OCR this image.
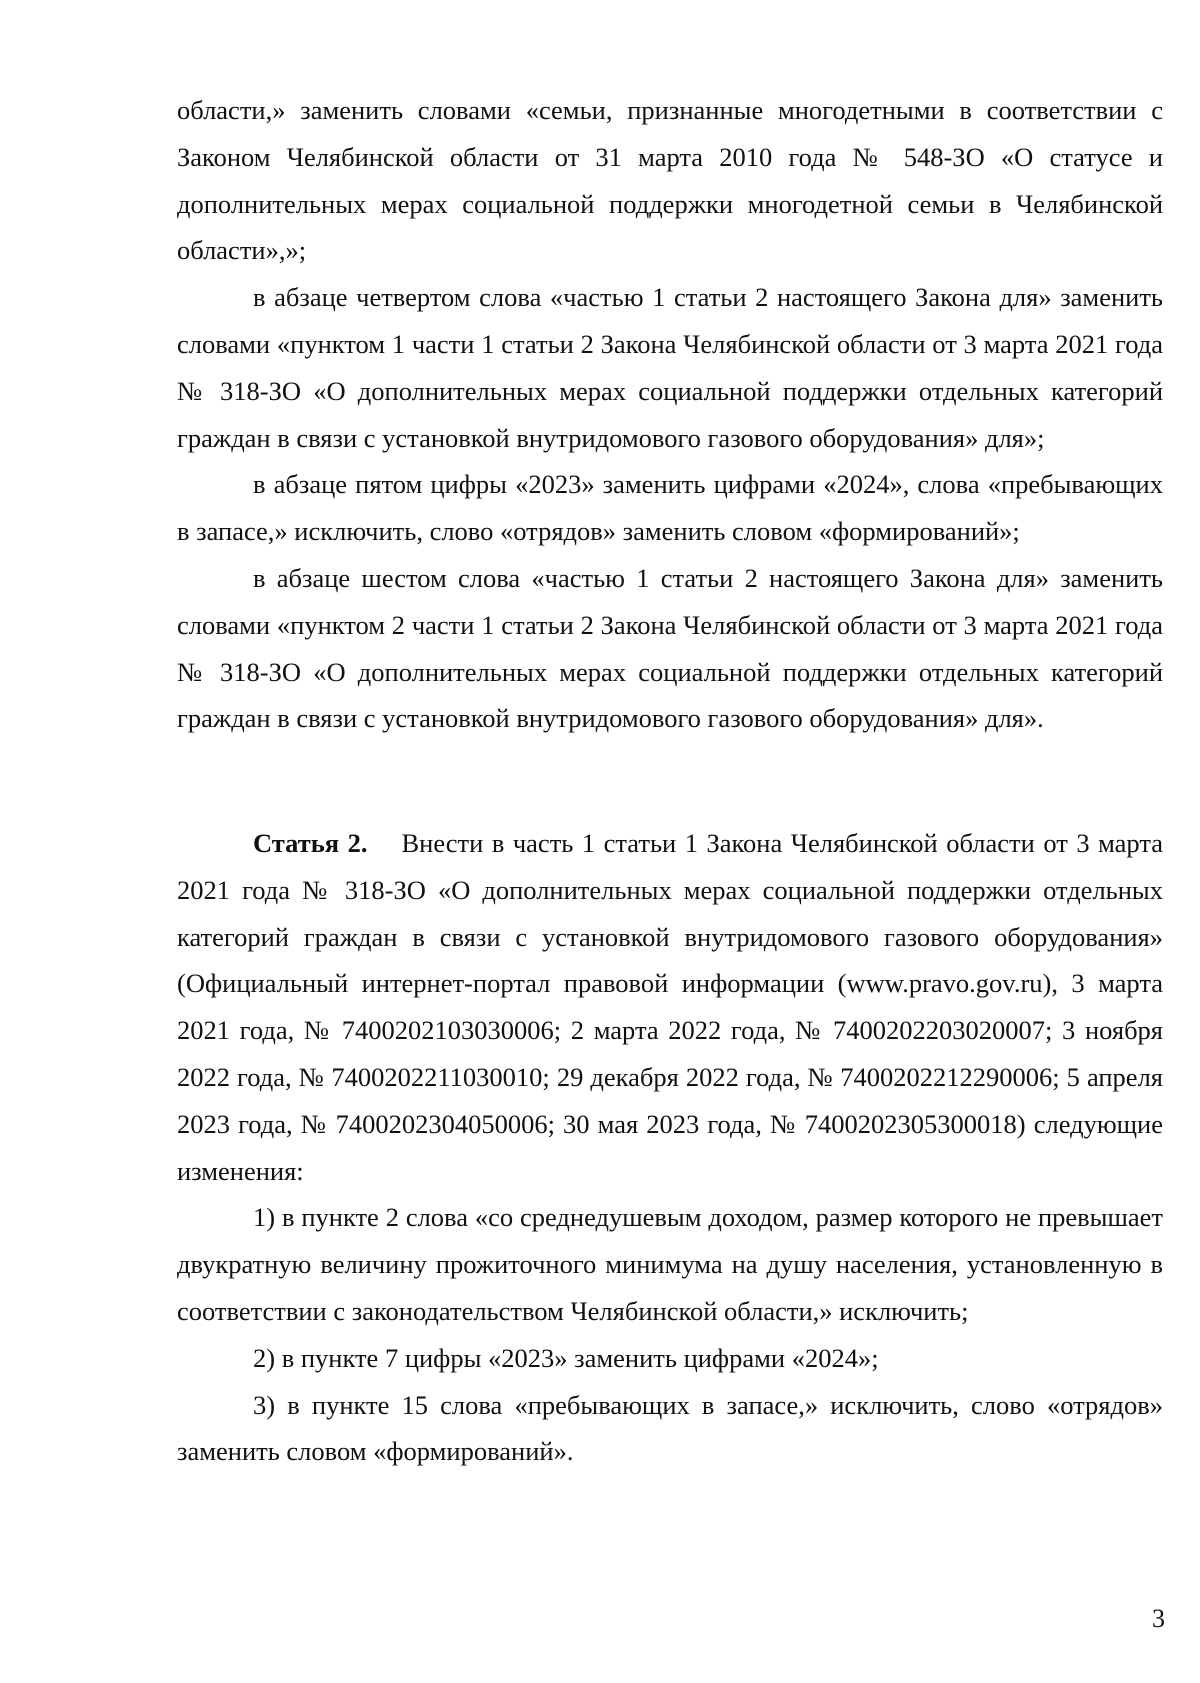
области,» заменить словами «семьи, признанные многодетными в соответствии с Законом Челябинской области от 31 марта 2010 года № 548-ЗО «О статусе и дополнительных мерах социальной поддержки многодетной семьи в Челябинской области»,»;

в абзаце четвертом слова «частью 1 статьи 2 настоящего Закона для» заменить словами «пунктом 1 части 1 статьи 2 Закона Челябинской области от 3 марта 2021 года № 318-ЗО «О дополнительных мерах социальной поддержки отдельных категорий граждан в связи с установкой внутридомового газового оборудования» для»;

в абзаце пятом цифры «2023» заменить цифрами «2024», слова «пребывающих в запасе,» исключить, слово «отрядов» заменить словом «формирований»;

в абзаце шестом слова «частью 1 статьи 2 настоящего Закона для» заменить словами «пунктом 2 части 1 статьи 2 Закона Челябинской области от 3 марта 2021 года № 318-ЗО «О дополнительных мерах социальной поддержки отдельных категорий граждан в связи с установкой внутридомового газового оборудования» для».

Статья 2. Внести в часть 1 статьи 1 Закона Челябинской области от 3 марта 2021 года № 318-ЗО «О дополнительных мерах социальной поддержки отдельных категорий граждан в связи с установкой внутридомового газового оборудования» (Официальный интернет-портал правовой информации (www.pravo.gov.ru), 3 марта 2021 года, № 7400202103030006; 2 марта 2022 года, № 7400202203020007; 3 ноября 2022 года, № 7400202211030010; 29 декабря 2022 года, № 7400202212290006; 5 апреля 2023 года, № 7400202304050006; 30 мая 2023 года, № 7400202305300018) следующие изменения:

1) в пункте 2 слова «со среднедушевым доходом, размер которого не превышает двукратную величину прожиточного минимума на душу населения, установленную в соответствии с законодательством Челябинской области,» исключить;

2) в пункте 7 цифры «2023» заменить цифрами «2024»;

3) в пункте 15 слова «пребывающих в запасе,» исключить, слово «отрядов» заменить словом «формирований».

3
